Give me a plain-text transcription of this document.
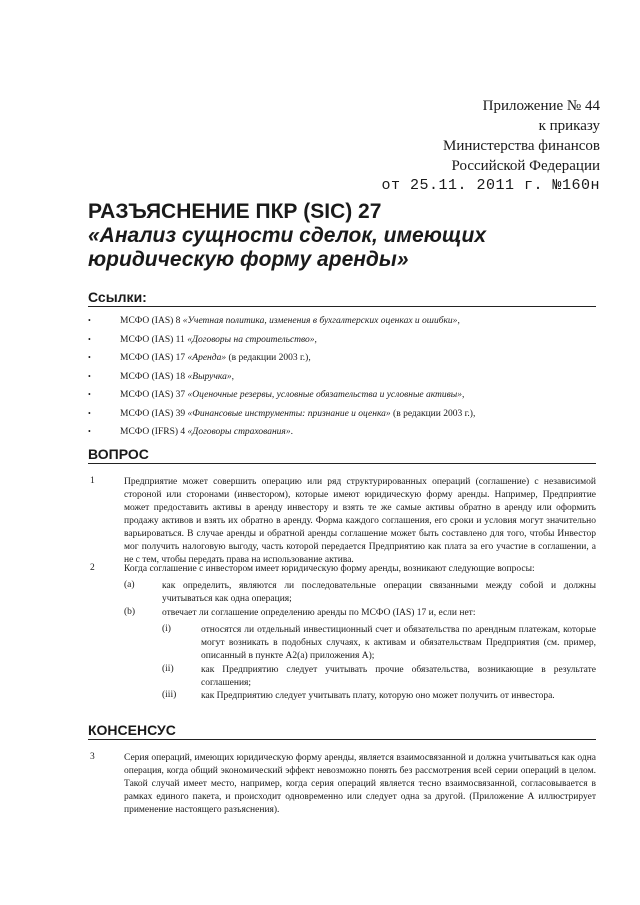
Приложение № 44
к приказу
Министерства финансов
Российской Федерации
от 25.11. 2011 г. №160н
РАЗЪЯСНЕНИЕ ПКР (SIC) 27
«Анализ сущности сделок, имеющих юридическую форму аренды»
Ссылки:
•	МСФО (IAS) 8 «Учетная политика, изменения в бухгалтерских оценках и ошибки»,
•	МСФО (IAS) 11 «Договоры на строительство»,
•	МСФО (IAS) 17 «Аренда» (в редакции 2003 г.),
•	МСФО (IAS) 18 «Выручка»,
•	МСФО (IAS) 37 «Оценочные резервы, условные обязательства и условные активы»,
•	МСФО (IAS) 39 «Финансовые инструменты: признание и оценка» (в редакции 2003 г.),
•	МСФО (IFRS) 4 «Договоры страхования».
ВОПРОС
1	Предприятие может совершить операцию или ряд структурированных операций (соглашение) с независимой стороной или сторонами (инвестором), которые имеют юридическую форму аренды. Например, Предприятие может предоставить активы в аренду инвестору и взять те же самые активы обратно в аренду или оформить продажу активов и взять их обратно в аренду. Форма каждого соглашения, его сроки и условия могут значительно варьироваться. В случае аренды и обратной аренды соглашение может быть составлено для того, чтобы Инвестор мог получить налоговую выгоду, часть которой передается Предприятию как плата за его участие в соглашении, а не с тем, чтобы передать права на использование актива.
2	Когда соглашение с инвестором имеет юридическую форму аренды, возникают следующие вопросы:
(а)	как определить, являются ли последовательные операции связанными между собой и должны учитываться как одна операция;
(b)	отвечает ли соглашение определению аренды по МСФО (IAS) 17 и, если нет:
(i)	относятся ли отдельный инвестиционный счет и обязательства по арендным платежам, которые могут возникать в подобных случаях, к активам и обязательствам Предприятия (см. пример, описанный в пункте А2(а) приложения А);
(ii)	как Предприятию следует учитывать прочие обязательства, возникающие в результате соглашения;
(iii)	как Предприятию следует учитывать плату, которую оно может получить от инвестора.
КОНСЕНСУС
3	Серия операций, имеющих юридическую форму аренды, является взаимосвязанной и должна учитываться как одна операция, когда общий экономический эффект невозможно понять без рассмотрения всей серии операций в целом. Такой случай имеет место, например, когда серия операций является тесно взаимосвязанной, согласовывается в рамках единого пакета, и происходит одновременно или следует одна за другой. (Приложение А иллюстрирует применение настоящего разъяснения).
